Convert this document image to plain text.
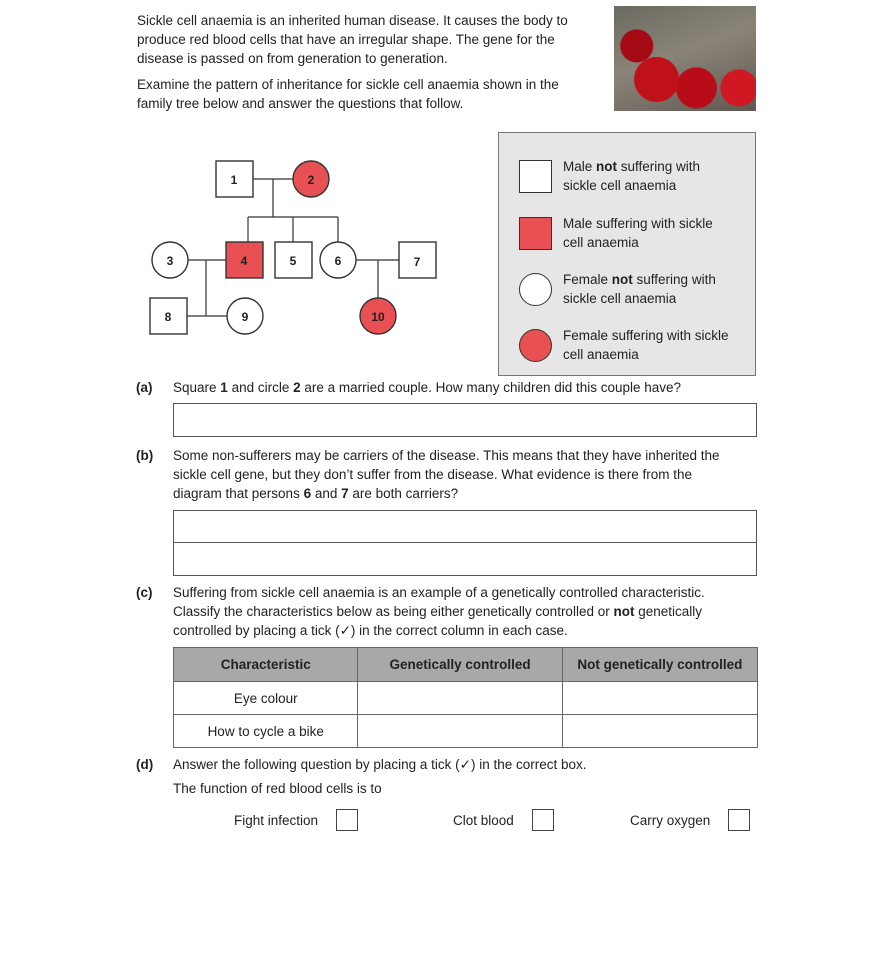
Sickle cell anaemia is an inherited human disease. It causes the body to

produce red blood cells that have an irregular shape. The gene for the

disease is passed on from generation to generation.

Examine the pattern of inheritance for sickle cell anaemia shown in the

family tree below and answer the questions that follow.

1	2
3	4	5	6	7
8	9	10
Male not suffering with
sickle cell anaemia
Male suffering with sickle
cell anaemia
Female not suffering with
sickle cell anaemia
Female suffering with sickle
cell anaemia
(a) Square 1 and circle 2 are a married couple. How many children did this couple have?
(b) Some non-sufferers may be carriers of the disease. This means that they have inherited the
sickle cell gene, but they don’t suffer from the disease. What evidence is there from the
diagram that persons 6 and 7 are both carriers?
(c) Suffering from sickle cell anaemia is an example of a genetically controlled characteristic.
Classify the characteristics below as being either genetically controlled or not genetically
controlled by placing a tick (✓) in the correct column in each case.
Characteristic	Genetically controlled	Not genetically controlled
Eye colour		
How to cycle a bike		
(d) Answer the following question by placing a tick (✓) in the correct box.
The function of red blood cells is to
Fight infection	Clot blood	Carry oxygen
